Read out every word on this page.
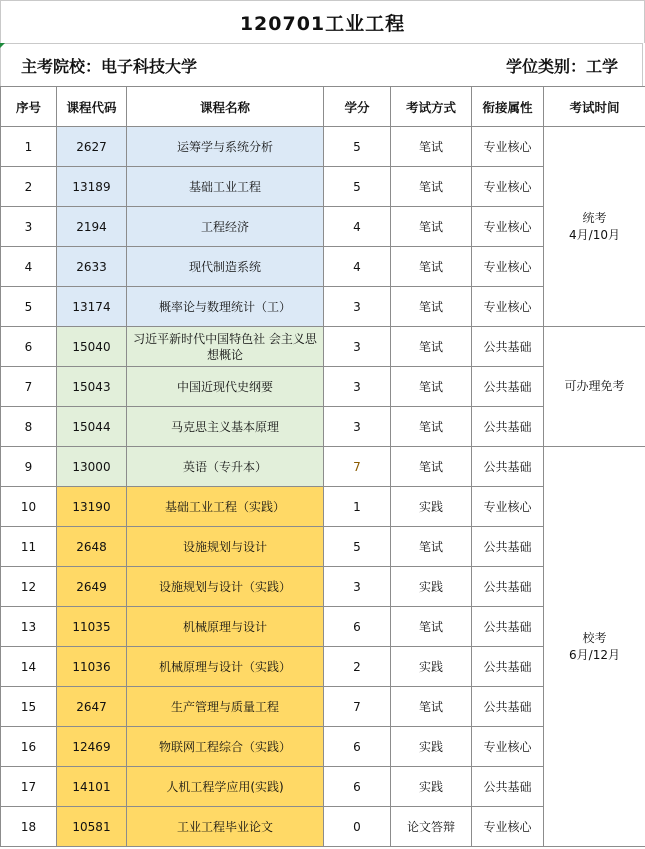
120701工业工程
主考院校：电子科技大学	学位类别：工学
序号	课程代码	课程名称	学分	考试方式	衔接属性	考试时间
1	2627	运筹学与系统分析	5	笔试	专业核心	统考
4月/10月

2	13189	基础工业工程	5	笔试	专业核心	
3	2194	工程经济	4	笔试	专业核心	
4	2633	现代制造系统	4	笔试	专业核心	
5	13174	概率论与数理统计（工）	3	笔试	专业核心	
6	15040	习近平新时代中国特色社 会主义思想概论	3	笔试	公共基础	可办理免考

7	15043	中国近现代史纲要	3	笔试	公共基础	
8	15044	马克思主义基本原理	3	笔试	公共基础	
9	13000	英语（专升本）	7	笔试	公共基础	校考
6月/12月

10	13190	基础工业工程（实践）	1	实践	专业核心	
11	2648	设施规划与设计	5	笔试	公共基础	
12	2649	设施规划与设计（实践）	3	实践	公共基础	
13	11035	机械原理与设计	6	笔试	公共基础	
14	11036	机械原理与设计（实践）	2	实践	公共基础	
15	2647	生产管理与质量工程	7	笔试	公共基础	
16	12469	物联网工程综合（实践）	6	实践	专业核心	
17	14101	人机工程学应用(实践)	6	实践	公共基础	
18	10581	工业工程毕业论文	0	论文答辩	专业核心	
